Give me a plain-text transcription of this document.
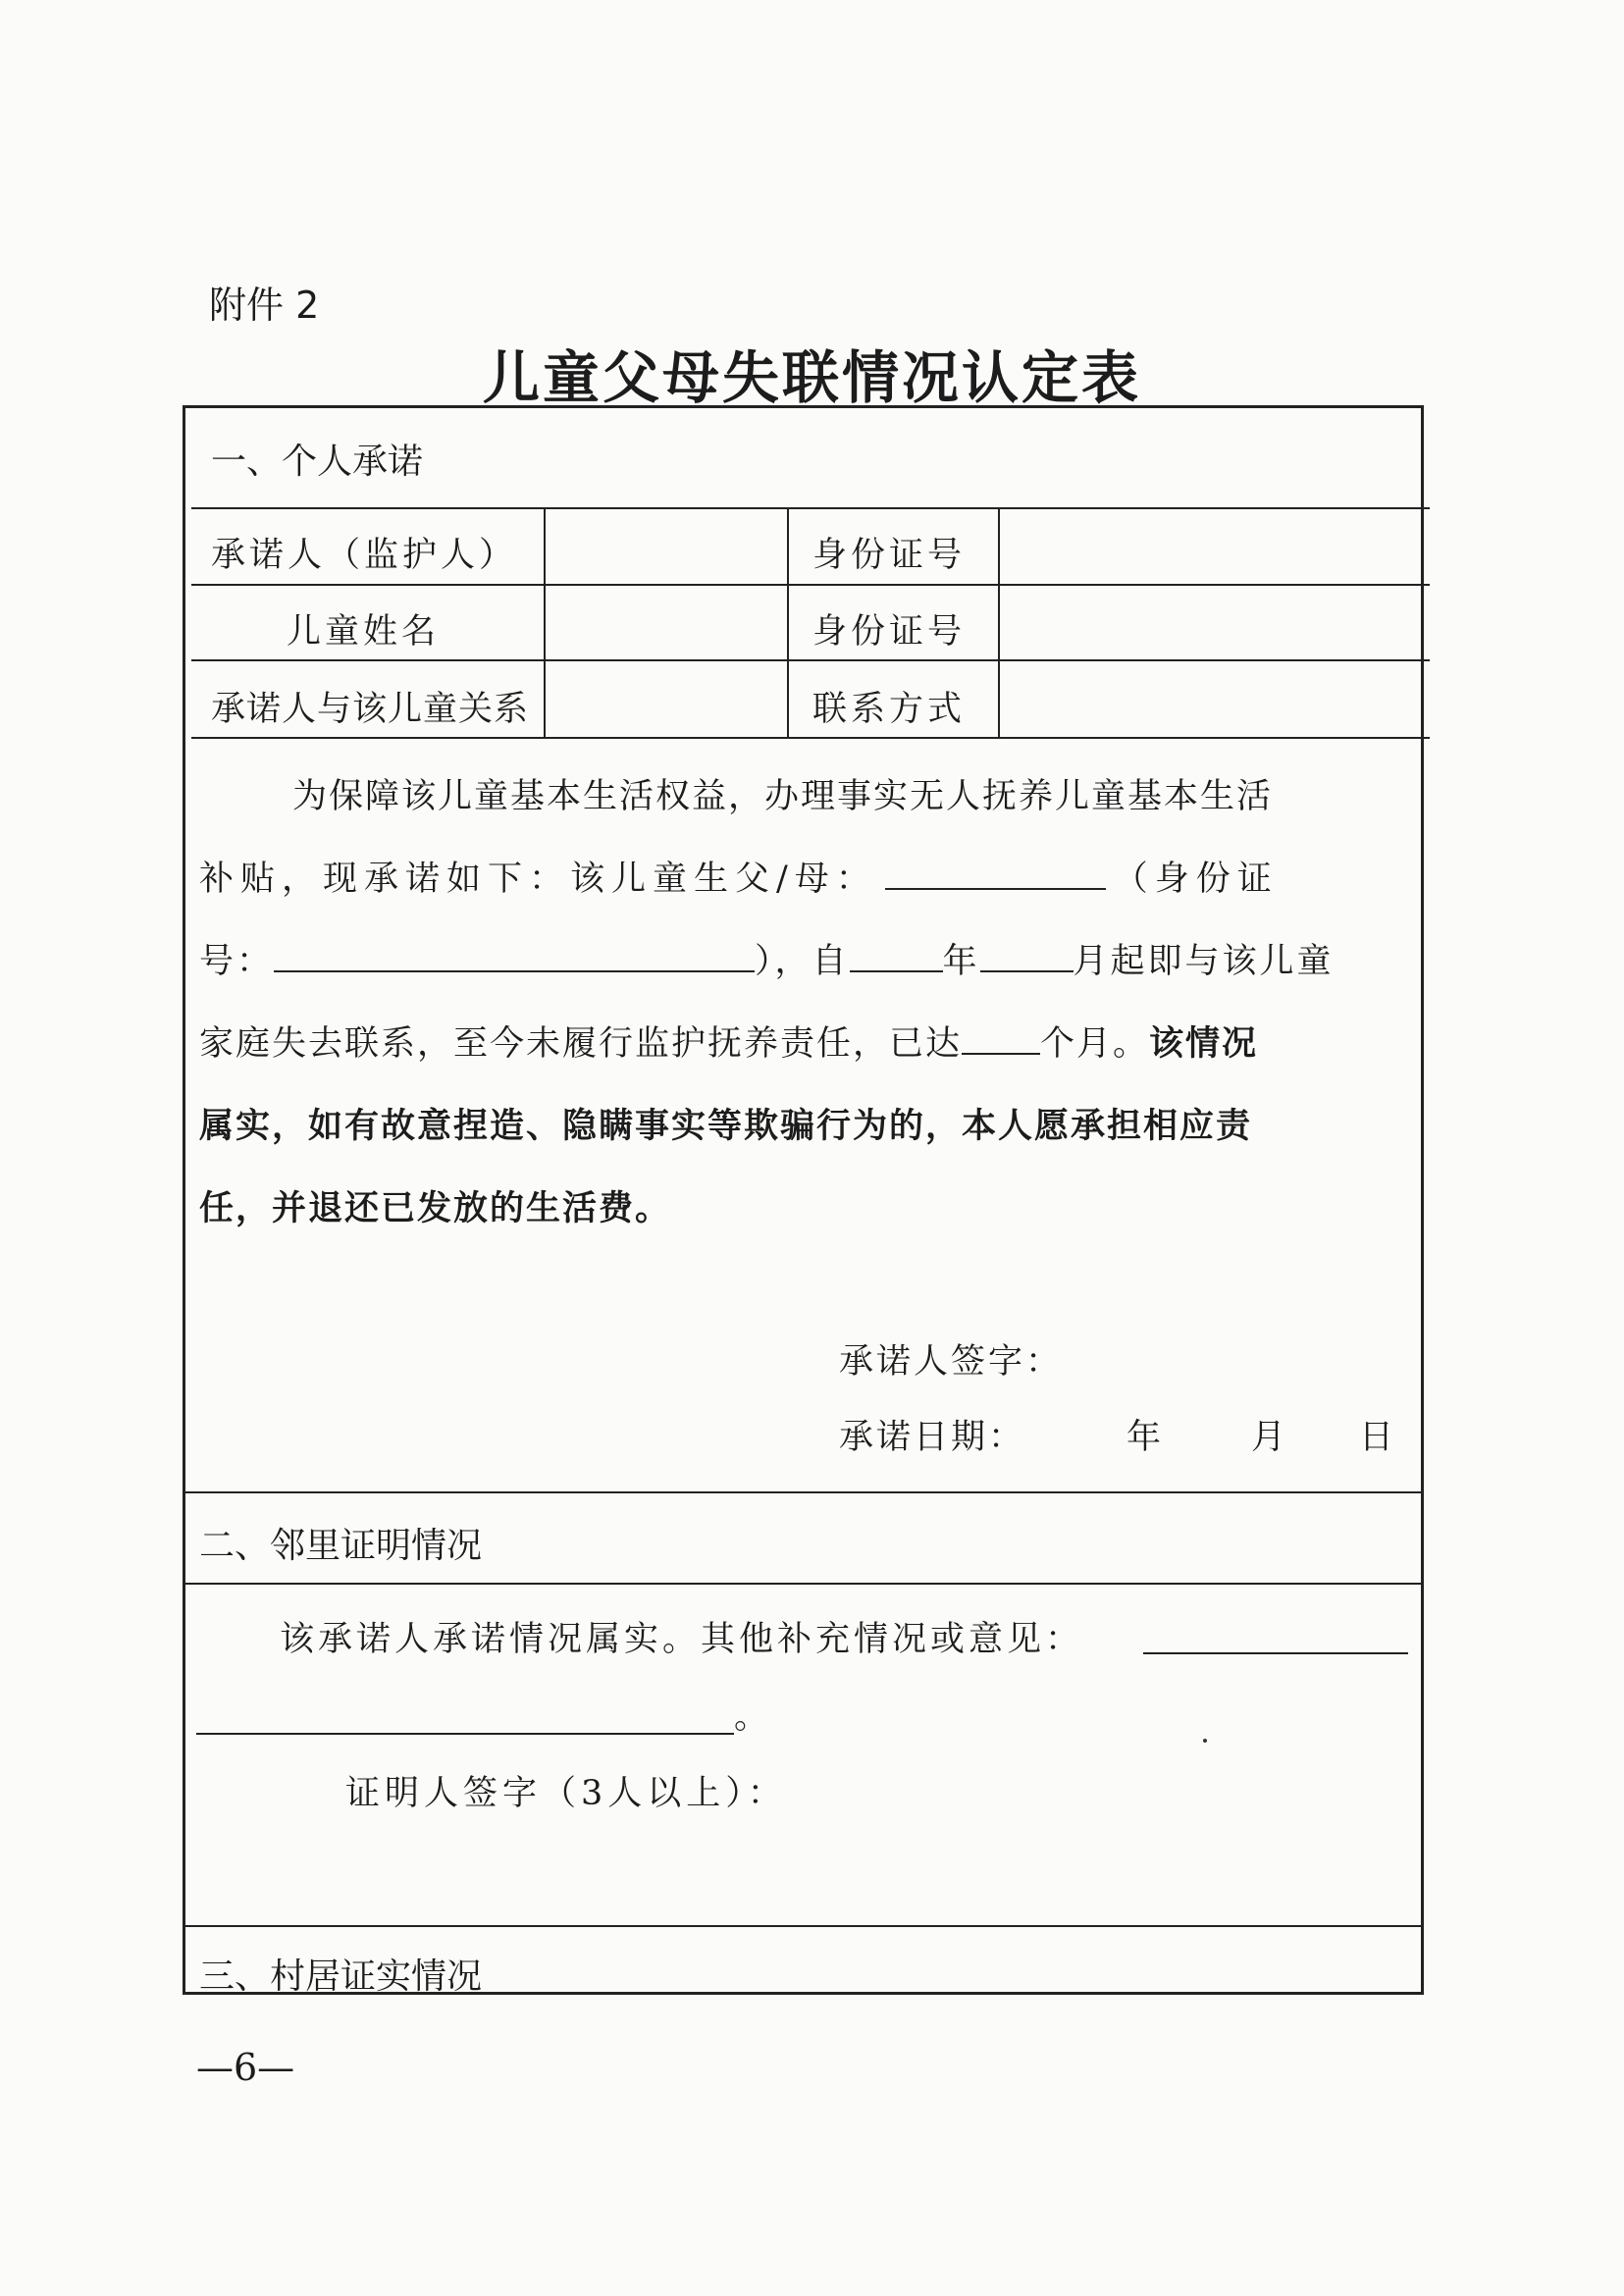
附件 2
儿童父母失联情况认定表
一、个人承诺
承诺人（监护人）	身份证号
儿童姓名	身份证号
承诺人与该儿童关系	联系方式

为保障该儿童基本生活权益，办理事实无人抚养儿童基本生活

补贴，现承诺如下：该儿童生父/母：	（身份证

号：	），自	年	月起即与该儿童

家庭失去联系，至今未履行监护抚养责任，已达 个月。该情况

属实，如有故意捏造、隐瞒事实等欺骗行为的，本人愿承担相应责

任，并退还已发放的生活费。

承诺人签字：
承诺日期：	年	月 日
二、邻里证明情况
该承诺人承诺情况属实。其他补充情况或意见：
。
证明人签字（3人以上）：
三、村居证实情况
—6—
